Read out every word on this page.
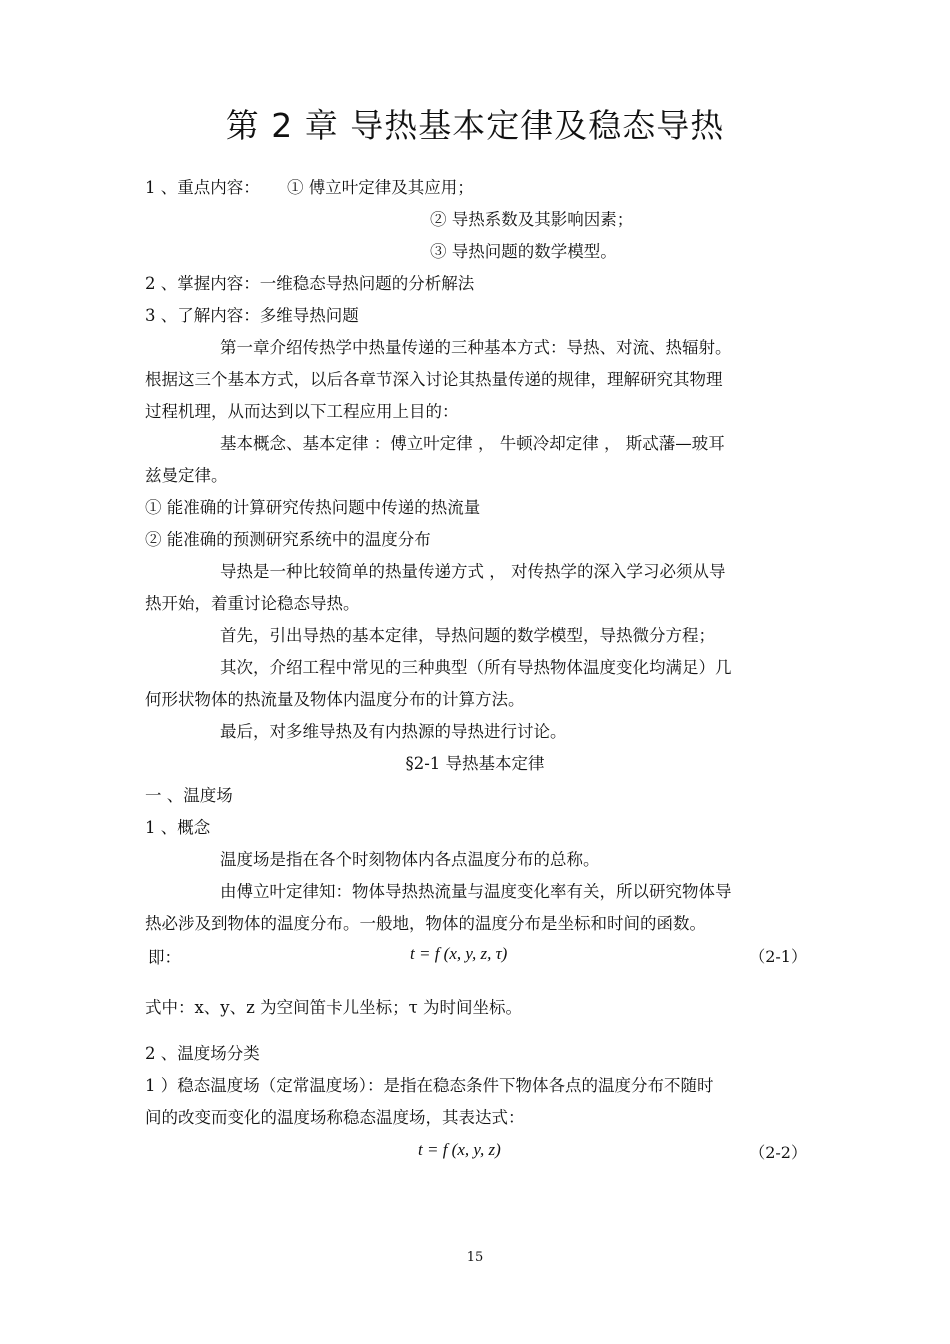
第 2 章 导热基本定律及稳态导热
1 、重点内容： ① 傅立叶定律及其应用；
② 导热系数及其影响因素；
③ 导热问题的数学模型。
2 、掌握内容：一维稳态导热问题的分析解法
3 、了解内容：多维导热问题
第一章介绍传热学中热量传递的三种基本方式：导热、对流、热辐射。
根据这三个基本方式，以后各章节深入讨论其热量传递的规律，理解研究其物理
过程机理，从而达到以下工程应用上目的：
基本概念、基本定律 ：傅立叶定律 ， 牛顿冷却定律 ， 斯忒藩—玻耳
兹曼定律。
① 能准确的计算研究传热问题中传递的热流量
② 能准确的预测研究系统中的温度分布
导热是一种比较简单的热量传递方式 ， 对传热学的深入学习必须从导
热开始，着重讨论稳态导热。
首先，引出导热的基本定律，导热问题的数学模型，导热微分方程；
其次，介绍工程中常见的三种典型（所有导热物体温度变化均满足）几
何形状物体的热流量及物体内温度分布的计算方法。
最后，对多维导热及有内热源的导热进行讨论。
§2-1 导热基本定律
一 、温度场
1 、概念
温度场是指在各个时刻物体内各点温度分布的总称。
由傅立叶定律知：物体导热热流量与温度变化率有关，所以研究物体导
热必涉及到物体的温度分布。一般地，物体的温度分布是坐标和时间的函数。
即：	t = f (x, y, z, τ)	（2-1）
式中：x、y、z 为空间笛卡儿坐标；τ 为时间坐标。
2 、温度场分类
1 ）稳态温度场（定常温度场）：是指在稳态条件下物体各点的温度分布不随时
间的改变而变化的温度场称稳态温度场，其表达式：
t = f (x, y, z)	（2-2）
15
